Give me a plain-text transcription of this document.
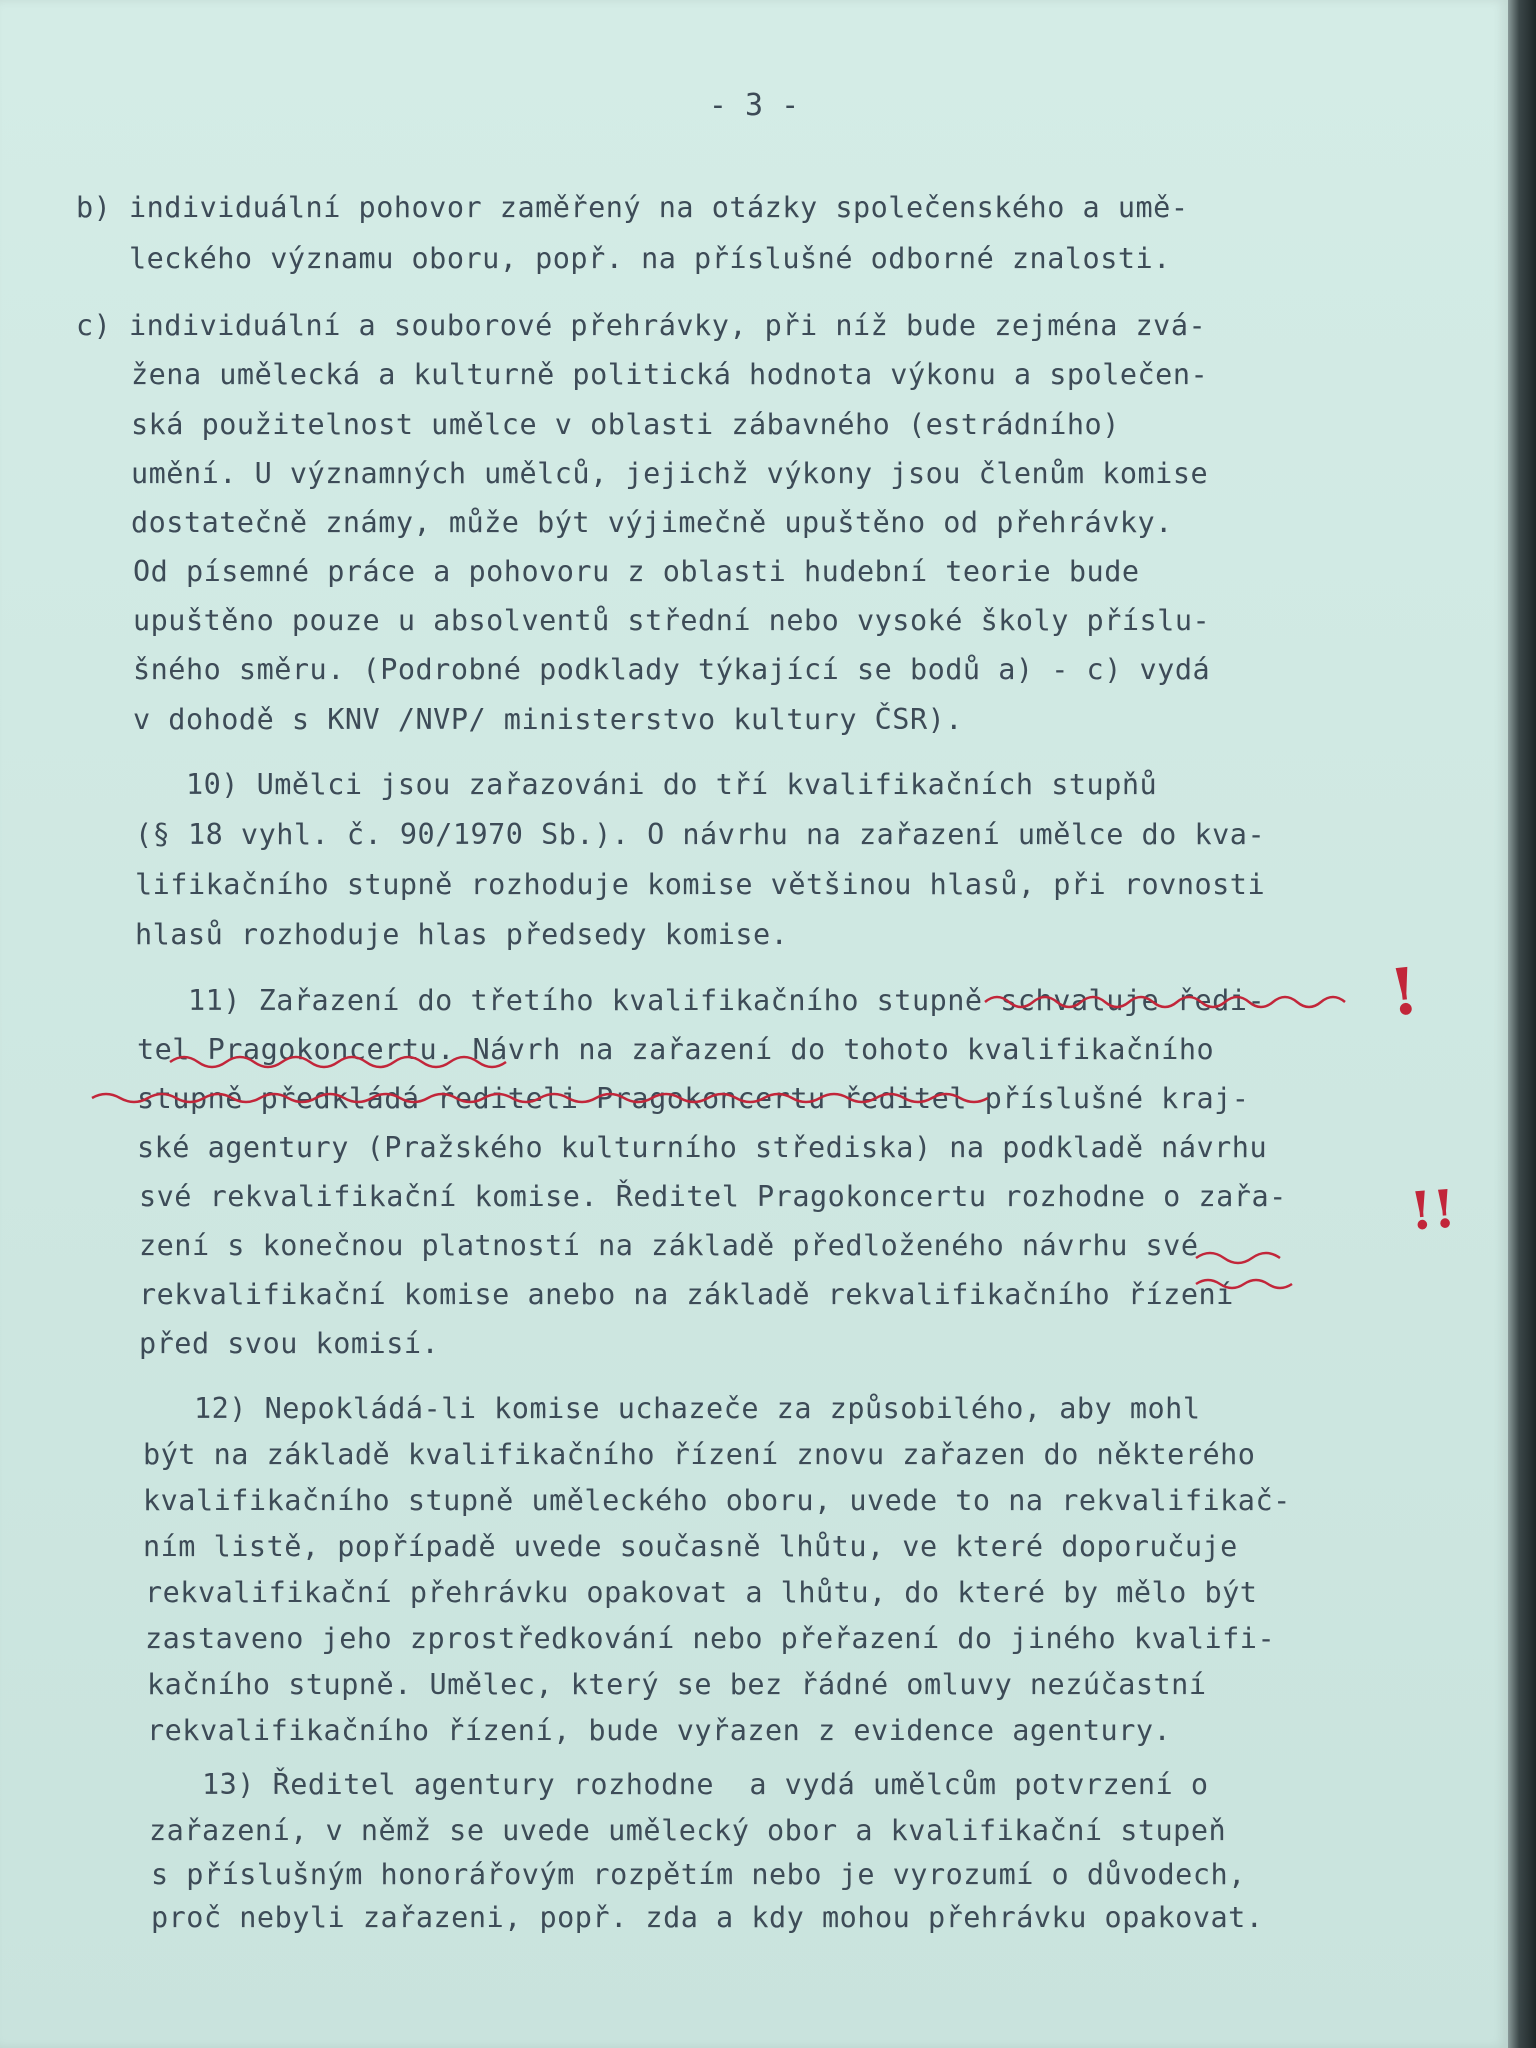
- 3 -
b) individuální pohovor zaměřený na otázky společenského a umě-
leckého významu oboru, popř. na příslušné odborné znalosti.
c) individuální a souborové přehrávky, při níž bude zejména zvá-
žena umělecká a kulturně politická hodnota výkonu a společen-
ská použitelnost umělce v oblasti zábavného (estrádního)
umění. U významných umělců, jejichž výkony jsou členům komise
dostatečně známy, může být výjimečně upuštěno od přehrávky.
Od písemné práce a pohovoru z oblasti hudební teorie bude
upuštěno pouze u absolventů střední nebo vysoké školy příslu-
šného směru. (Podrobné podklady týkající se bodů a) - c) vydá
v dohodě s KNV /NVP/ ministerstvo kultury ČSR).
10) Umělci jsou zařazováni do tří kvalifikačních stupňů
(§ 18 vyhl. č. 90/1970 Sb.). O návrhu na zařazení umělce do kva-
lifikačního stupně rozhoduje komise většinou hlasů, při rovnosti
hlasů rozhoduje hlas předsedy komise.
11) Zařazení do třetího kvalifikačního stupně schvaluje ředi-
tel Pragokoncertu. Návrh na zařazení do tohoto kvalifikačního
stupně předkládá řediteli Pragokoncertu ředitel příslušné kraj-
ské agentury (Pražského kulturního střediska) na podkladě návrhu
své rekvalifikační komise. Ředitel Pragokoncertu rozhodne o zařa-
zení s konečnou platností na základě předloženého návrhu své
rekvalifikační komise anebo na základě rekvalifikačního řízení
před svou komisí.
12) Nepokládá-li komise uchazeče za způsobilého, aby mohl
být na základě kvalifikačního řízení znovu zařazen do některého
kvalifikačního stupně uměleckého oboru, uvede to na rekvalifikač-
ním listě, popřípadě uvede současně lhůtu, ve které doporučuje
rekvalifikační přehrávku opakovat a lhůtu, do které by mělo být
zastaveno jeho zprostředkování nebo přeřazení do jiného kvalifi-
kačního stupně. Umělec, který se bez řádné omluvy nezúčastní
rekvalifikačního řízení, bude vyřazen z evidence agentury.
13) Ředitel agentury rozhodne  a vydá umělcům potvrzení o
zařazení, v němž se uvede umělecký obor a kvalifikační stupeň
s příslušným honorářovým rozpětím nebo je vyrozumí o důvodech,
proč nebyli zařazeni, popř. zda a kdy mohou přehrávku opakovat.
!
!!
